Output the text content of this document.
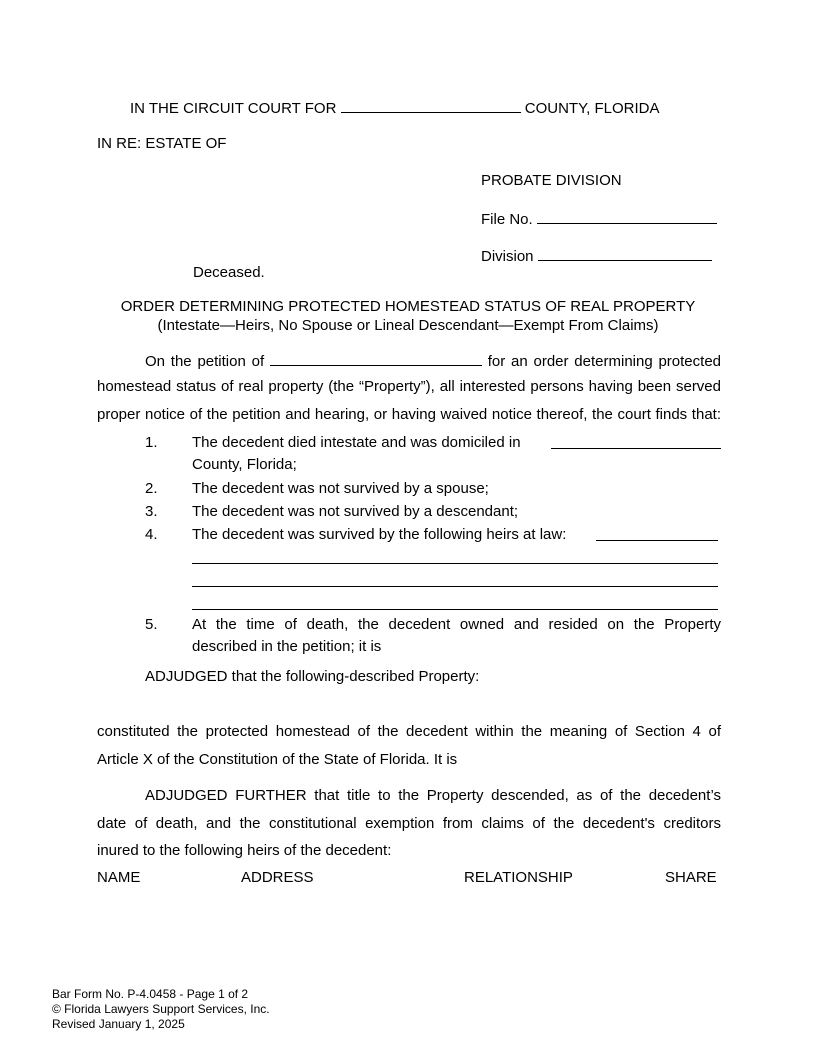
IN THE CIRCUIT COURT FOR	COUNTY, FLORIDA
IN RE: ESTATE OF
PROBATE DIVISION
File No.
Division
Deceased.
ORDER DETERMINING PROTECTED HOMESTEAD STATUS OF REAL PROPERTY
(Intestate—Heirs, No Spouse or Lineal Descendant—Exempt From Claims)
On the petition of	for an order determining protected
homestead status of real property (the “Property”), all interested persons having been served
proper notice of the petition and hearing, or having waived notice thereof, the court finds that:
1. The decedent died intestate and was domiciled in
County, Florida;
2. The decedent was not survived by a spouse;
3. The decedent was not survived by a descendant;
4. The decedent was survived by the following heirs at law:
5. At the time of death, the decedent owned and resided on the Property
described in the petition; it is
ADJUDGED that the following-described Property:
constituted the protected homestead of the decedent within the meaning of Section 4 of
Article X of the Constitution of the State of Florida. It is
ADJUDGED FURTHER that title to the Property descended, as of the decedent’s
date of death, and the constitutional exemption from claims of the decedent's creditors
inured to the following heirs of the decedent:
NAME	ADDRESS	RELATIONSHIP	SHARE
Bar Form No. P-4.0458 - Page 1 of 2
© Florida Lawyers Support Services, Inc.
Revised January 1, 2025
